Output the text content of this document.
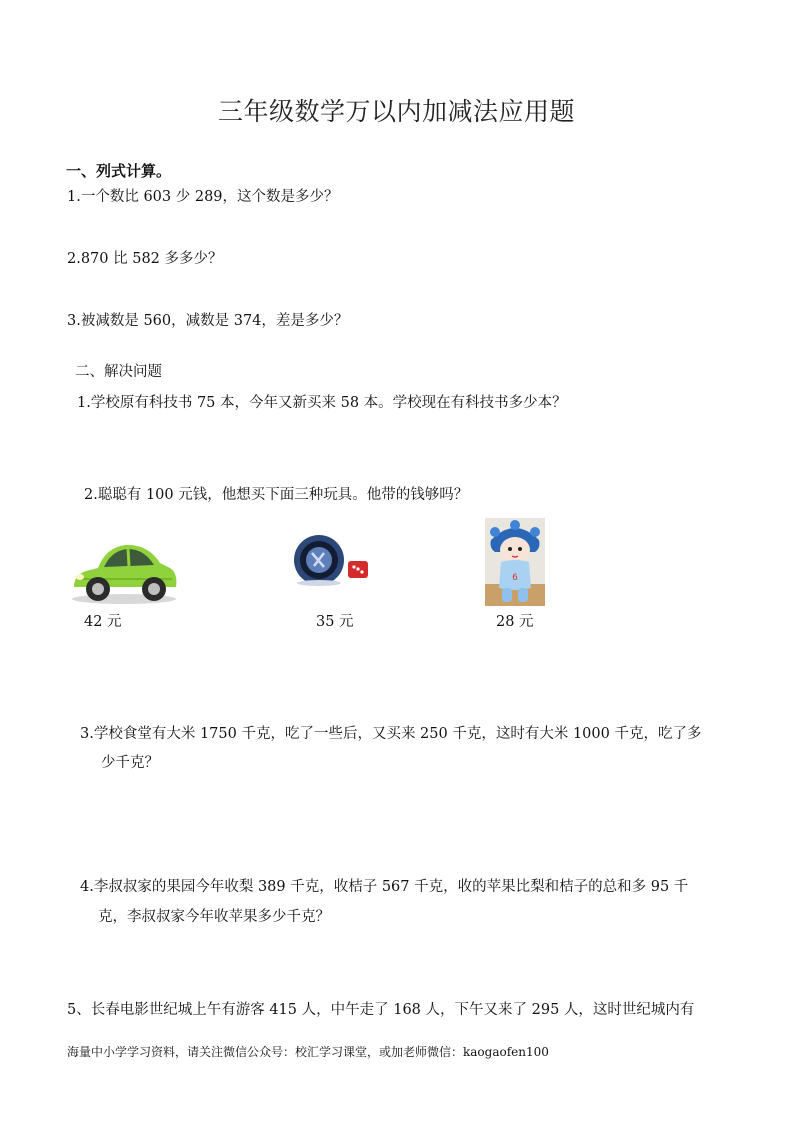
三年级数学万以内加减法应用题
一、列式计算。
1.一个数比 603 少 289，这个数是多少？
2.870 比 582 多多少？
3.被减数是 560，减数是 374，差是多少？
二、解决问题
1.学校原有科技书 75 本，今年又新买来 58 本。学校现在有科技书多少本？
2.聪聪有 100 元钱，他想买下面三种玩具。他带的钱够吗？
6
42 元	35 元	28 元
3.学校食堂有大米 1750 千克，吃了一些后，又买来 250 千克，这时有大米 1000 千克，吃了多
少千克？
4.李叔叔家的果园今年收梨 389 千克，收桔子 567 千克，收的苹果比梨和桔子的总和多 95 千
克，李叔叔家今年收苹果多少千克？
5、长春电影世纪城上午有游客 415 人，中午走了 168 人，下午又来了 295 人，这时世纪城内有
海量中小学学习资料，请关注微信公众号：校汇学习课堂，或加老师微信：kaogaofen100
